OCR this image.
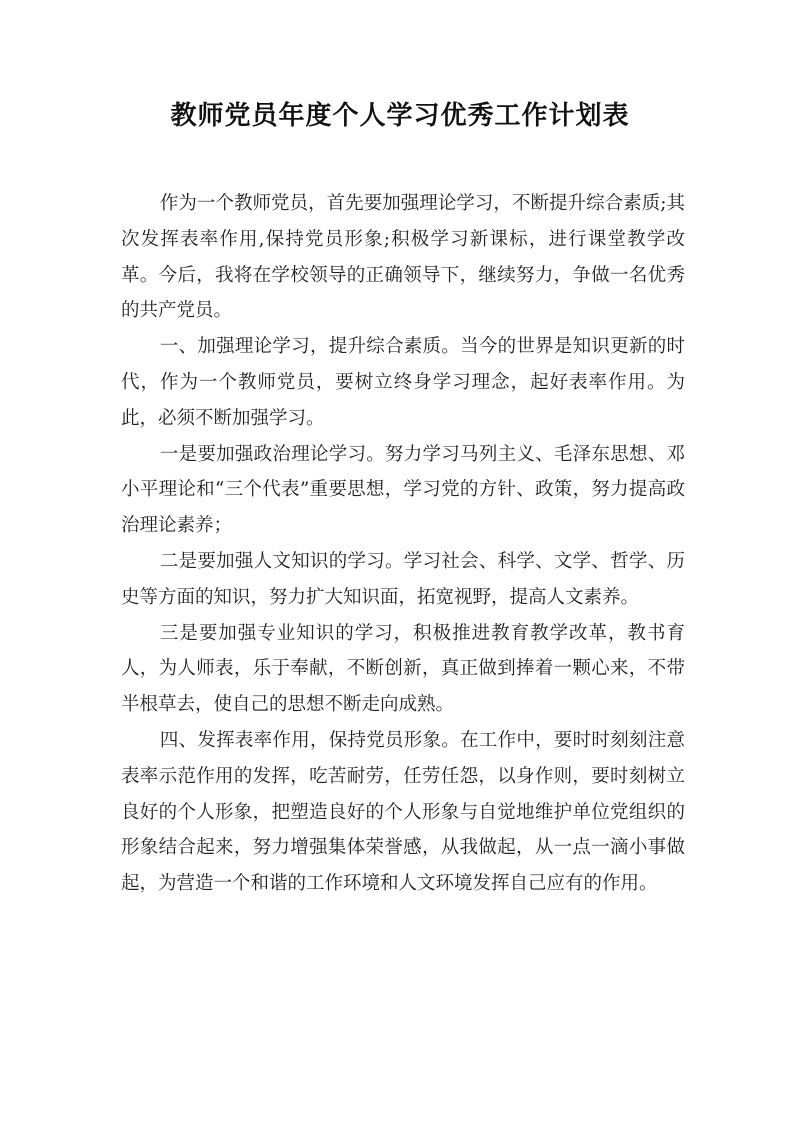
教师党员年度个人学习优秀工作计划表

作为一个教师党员，首先要加强理论学习，不断提升综合素质;其次发挥表率作用,保持党员形象;积极学习新课标，进行课堂教学改革。今后，我将在学校领导的正确领导下，继续努力，争做一名优秀的共产党员。

一、加强理论学习，提升综合素质。当今的世界是知识更新的时代，作为一个教师党员，要树立终身学习理念，起好表率作用。为此，必须不断加强学习。

一是要加强政治理论学习。努力学习马列主义、毛泽东思想、邓小平理论和“三个代表”重要思想，学习党的方针、政策，努力提高政治理论素养；

二是要加强人文知识的学习。学习社会、科学、文学、哲学、历史等方面的知识，努力扩大知识面，拓宽视野，提高人文素养。

三是要加强专业知识的学习，积极推进教育教学改革，教书育人，为人师表，乐于奉献，不断创新，真正做到捧着一颗心来，不带半根草去，使自己的思想不断走向成熟。

四、发挥表率作用，保持党员形象。在工作中，要时时刻刻注意表率示范作用的发挥，吃苦耐劳，任劳任怨，以身作则，要时刻树立良好的个人形象，把塑造良好的个人形象与自觉地维护单位党组织的形象结合起来，努力增强集体荣誉感，从我做起，从一点一滴小事做起，为营造一个和谐的工作环境和人文环境发挥自己应有的作用。
